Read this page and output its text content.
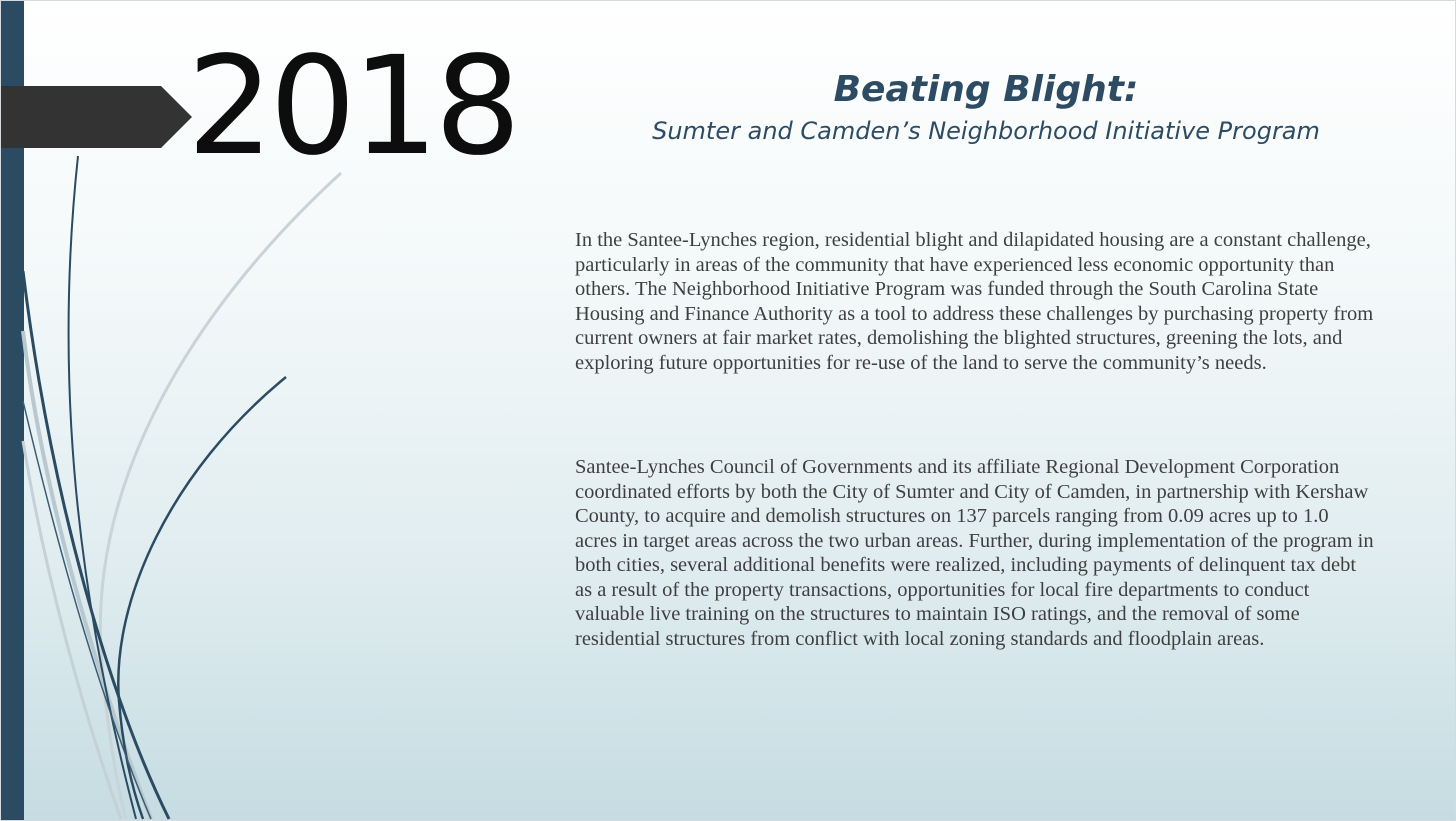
2018	Beating Blight:
Sumter and Camden’s Neighborhood Initiative Program

In the Santee-Lynches region, residential blight and dilapidated housing are a constant challenge, particularly in areas of the community that have experienced less economic opportunity than others. The Neighborhood Initiative Program was funded through the South Carolina State Housing and Finance Authority as a tool to address these challenges by purchasing property from current owners at fair market rates, demolishing the blighted structures, greening the lots, and exploring future opportunities for re-use of the land to serve the community’s needs.

Santee-Lynches Council of Governments and its affiliate Regional Development Corporation coordinated efforts by both the City of Sumter and City of Camden, in partnership with Kershaw County, to acquire and demolish structures on 137 parcels ranging from 0.09 acres up to 1.0 acres in target areas across the two urban areas. Further, during implementation of the program in both cities, several additional benefits were realized, including payments of delinquent tax debt as a result of the property transactions, opportunities for local fire departments to conduct valuable live training on the structures to maintain ISO ratings, and the removal of some residential structures from conflict with local zoning standards and floodplain areas.
